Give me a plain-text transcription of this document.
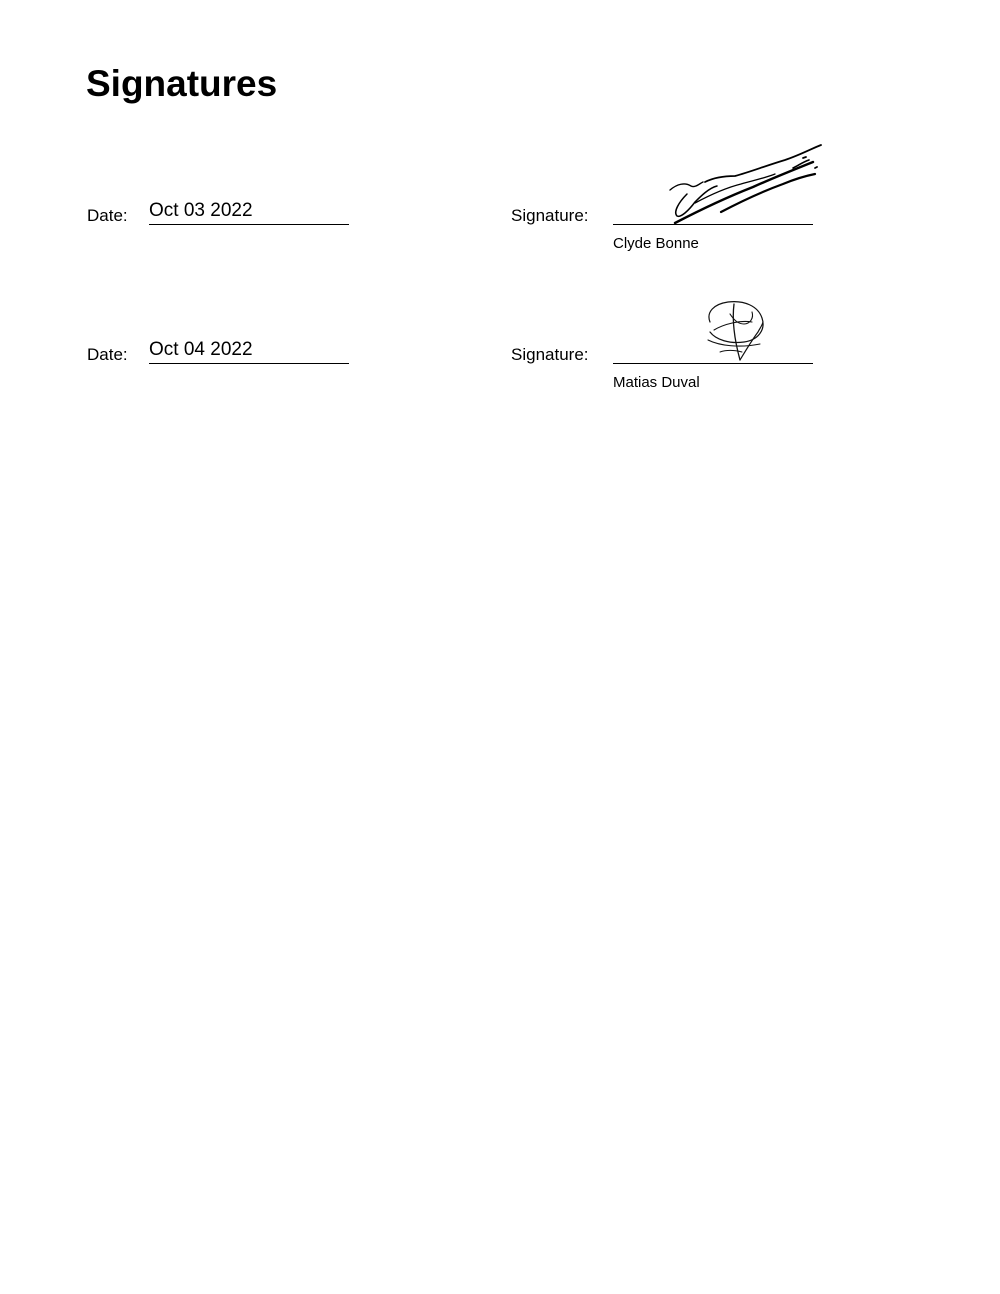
Signatures
Date: Oct 03 2022	Signature:
Clyde Bonne
Date: Oct 04 2022	Signature:
Matias Duval
